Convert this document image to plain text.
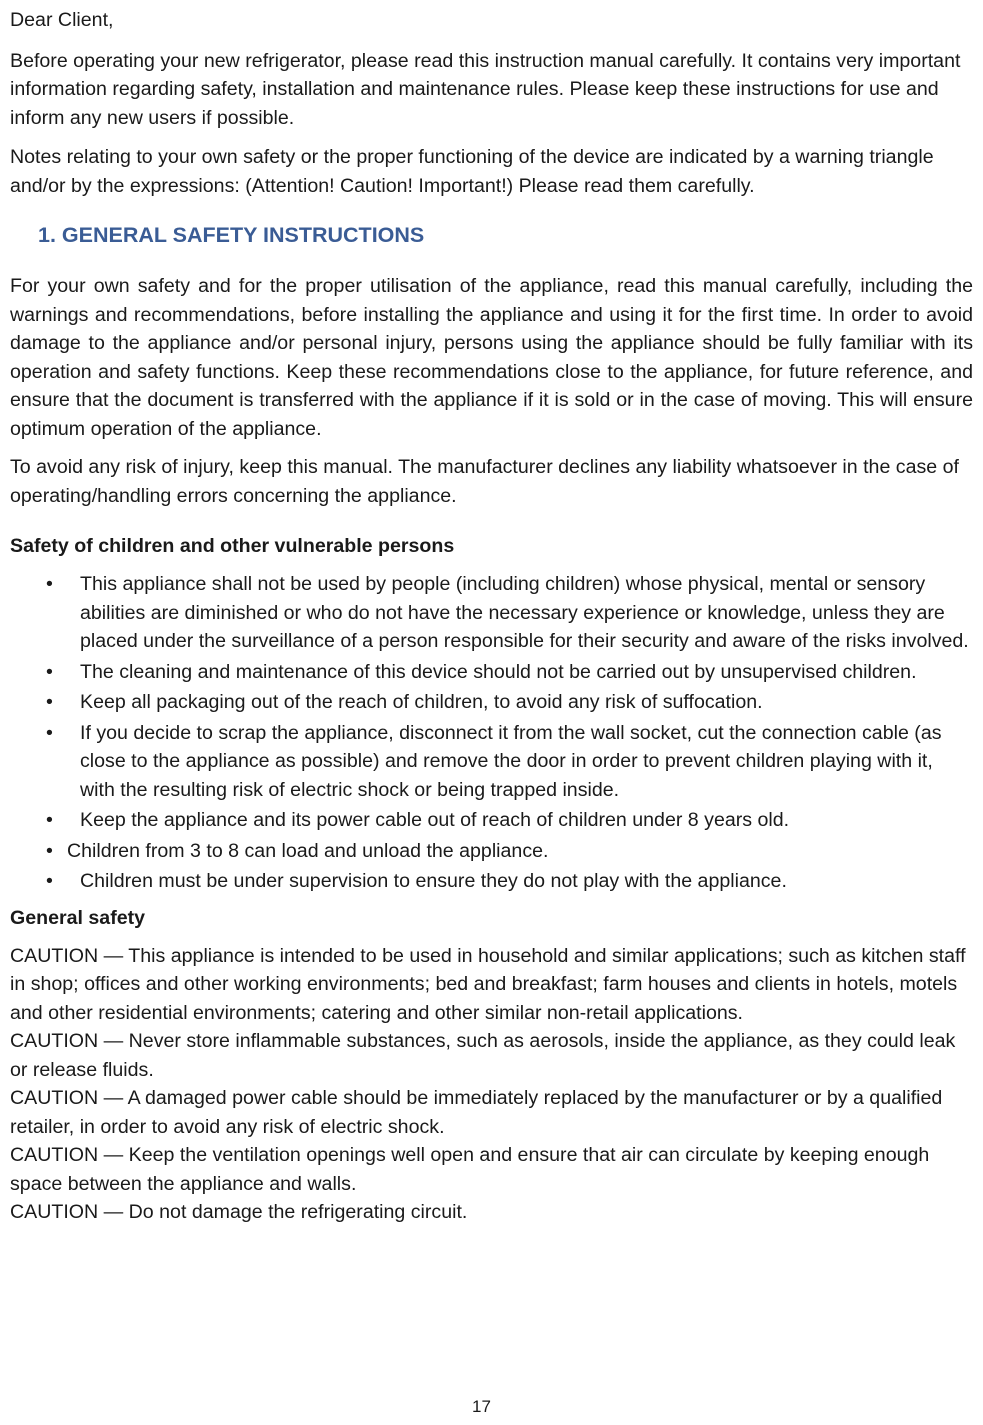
Dear Client,

Before operating your new refrigerator, please read this instruction manual carefully. It contains very important information regarding safety, installation and maintenance rules. Please keep these instructions for use and inform any new users if possible.

Notes relating to your own safety or the proper functioning of the device are indicated by a warning triangle and/or by the expressions: (Attention! Caution! Important!) Please read them carefully.

1. GENERAL SAFETY INSTRUCTIONS

For your own safety and for the proper utilisation of the appliance, read this manual carefully, including the warnings and recommendations, before installing the appliance and using it for the first time. In order to avoid damage to the appliance and/or personal injury, persons using the appliance should be fully familiar with its operation and safety functions. Keep these recommendations close to the appliance, for future reference, and ensure that the document is transferred with the appliance if it is sold or in the case of moving. This will ensure optimum operation of the appliance.

To avoid any risk of injury, keep this manual. The manufacturer declines any liability whatsoever in the case of operating/handling errors concerning the appliance.

Safety of children and other vulnerable persons
• This appliance shall not be used by people (including children) whose physical, mental or sensory abilities are diminished or who do not have the necessary experience or knowledge, unless they are placed under the surveillance of a person responsible for their security and aware of the risks involved.
• The cleaning and maintenance of this device should not be carried out by unsupervised children.
• Keep all packaging out of the reach of children, to avoid any risk of suffocation.
• If you decide to scrap the appliance, disconnect it from the wall socket, cut the connection cable (as close to the appliance as possible) and remove the door in order to prevent children playing with it, with the resulting risk of electric shock or being trapped inside.
• Keep the appliance and its power cable out of reach of children under 8 years old.
• Children from 3 to 8 can load and unload the appliance.
• Children must be under supervision to ensure they do not play with the appliance.
General safety

CAUTION — This appliance is intended to be used in household and similar applications; such as kitchen staff in shop; offices and other working environments; bed and breakfast; farm houses and clients in hotels, motels and other residential environments; catering and other similar non-retail applications.

CAUTION — Never store inflammable substances, such as aerosols, inside the appliance, as they could leak or release fluids.

CAUTION — A damaged power cable should be immediately replaced by the manufacturer or by a qualified retailer, in order to avoid any risk of electric shock.

CAUTION — Keep the ventilation openings well open and ensure that air can circulate by keeping enough space between the appliance and walls.

CAUTION — Do not damage the refrigerating circuit.

17
